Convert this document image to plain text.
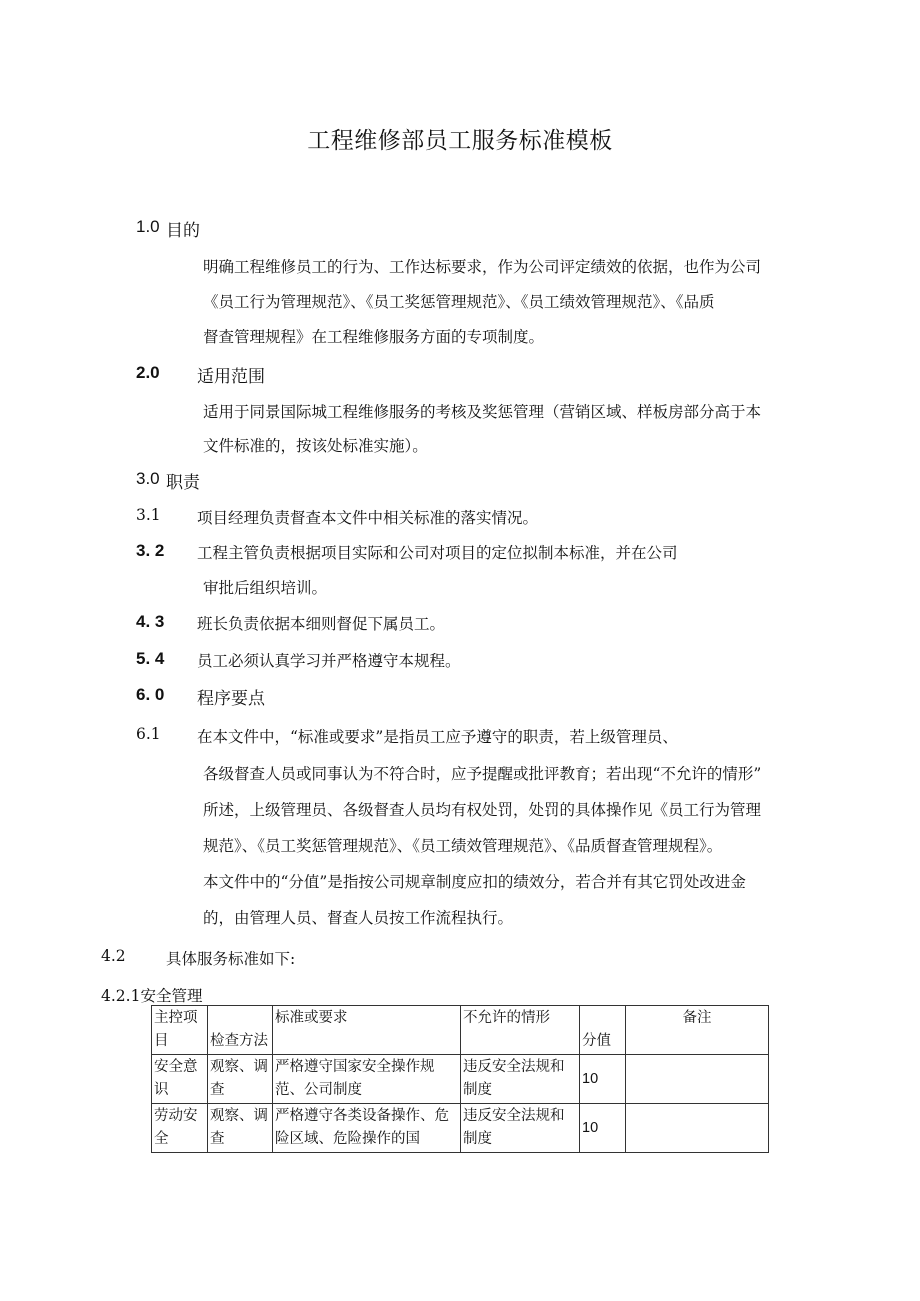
工程维修部员工服务标准模板
1.0 目的
明确工程维修员工的行为、工作达标要求，作为公司评定绩效的依据，也作为公司
《员工行为管理规范》、《员工奖惩管理规范》、《员工绩效管理规范》、《品质
督查管理规程》在工程维修服务方面的专项制度。
2.0 适用范围
适用于同景国际城工程维修服务的考核及奖惩管理（营销区域、样板房部分高于本
文件标准的，按该处标准实施）。
3.0 职责
3.1 项目经理负责督查本文件中相关标准的落实情况。
3. 2 工程主管负责根据项目实际和公司对项目的定位拟制本标准，并在公司
审批后组织培训。
4. 3 班长负责依据本细则督促下属员工。
5. 4 员工必须认真学习并严格遵守本规程。
6. 0 程序要点
6.1 在本文件中，“标准或要求”是指员工应予遵守的职责，若上级管理员、
各级督查人员或同事认为不符合时，应予提醒或批评教育；若出现“不允许的情形”
所述，上级管理员、各级督查人员均有权处罚，处罚的具体操作见《员工行为管理
规范》、《员工奖惩管理规范》、《员工绩效管理规范》、《品质督查管理规程》。
本文件中的“分值”是指按公司规章制度应扣的绩效分，若合并有其它罚处改进金
的，由管理人员、督查人员按工作流程执行。
4.2	具体服务标准如下:
4.2.1安全管理
主控项目	检查方法	标准或要求	不允许的情形	分值	备注
安全意识	观察、调查	严格遵守国家安全操作规范、公司制度	违反安全法规和制度	10	
劳动安全	观察、调查	严格遵守各类设备操作、危险区域、危险操作的国	违反安全法规和制度	10	
